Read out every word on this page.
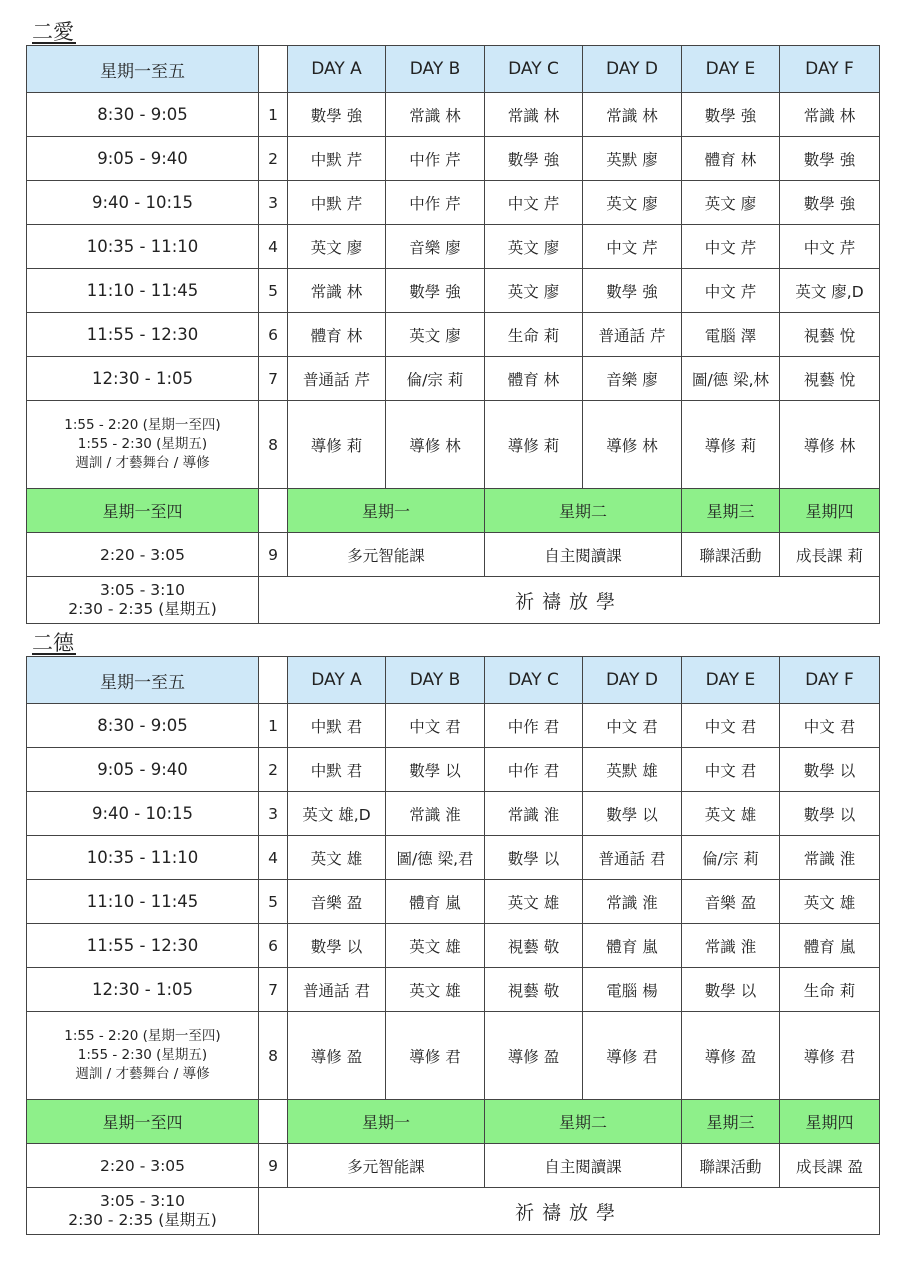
二愛
星期一至五		DAY A	DAY B	DAY C	DAY D	DAY E	DAY F
8:30 - 9:05	1	數學 強	常識 林	常識 林	常識 林	數學 強	常識 林
9:05 - 9:40	2	中默 芹	中作 芹	數學 強	英默 廖	體育 林	數學 強
9:40 - 10:15	3	中默 芹	中作 芹	中文 芹	英文 廖	英文 廖	數學 強
10:35 - 11:10	4	英文 廖	音樂 廖	英文 廖	中文 芹	中文 芹	中文 芹
11:10 - 11:45	5	常識 林	數學 強	英文 廖	數學 強	中文 芹	英文 廖,D
11:55 - 12:30	6	體育 林	英文 廖	生命 莉	普通話 芹	電腦 澤	視藝 悅
12:30 - 1:05	7	普通話 芹	倫/宗 莉	體育 林	音樂 廖	圖/德 梁,林	視藝 悅

1:55 - 2:20 (星期一至四)
1:55 - 2:30 (星期五)
週訓 / 才藝舞台 / 導修	8	導修 莉	導修 林	導修 莉	導修 林	導修 莉	導修 林
星期一至四		星期一		星期二		星期三	星期四
2:20 - 3:05	9	多元智能課		自主閱讀課		聯課活動	成長課 莉

3:05 - 3:10
2:30 - 2:35 (星期五)	祈禱放學						
二德
星期一至五		DAY A	DAY B	DAY C	DAY D	DAY E	DAY F
8:30 - 9:05	1	中默 君	中文 君	中作 君	中文 君	中文 君	中文 君
9:05 - 9:40	2	中默 君	數學 以	中作 君	英默 雄	中文 君	數學 以
9:40 - 10:15	3	英文 雄,D	常識 淮	常識 淮	數學 以	英文 雄	數學 以
10:35 - 11:10	4	英文 雄	圖/德 梁,君	數學 以	普通話 君	倫/宗 莉	常識 淮
11:10 - 11:45	5	音樂 盈	體育 嵐	英文 雄	常識 淮	音樂 盈	英文 雄
11:55 - 12:30	6	數學 以	英文 雄	視藝 敬	體育 嵐	常識 淮	體育 嵐
12:30 - 1:05	7	普通話 君	英文 雄	視藝 敬	電腦 楊	數學 以	生命 莉

1:55 - 2:20 (星期一至四)
1:55 - 2:30 (星期五)
週訓 / 才藝舞台 / 導修	8	導修 盈	導修 君	導修 盈	導修 君	導修 盈	導修 君
星期一至四		星期一		星期二		星期三	星期四
2:20 - 3:05	9	多元智能課		自主閱讀課		聯課活動	成長課 盈

3:05 - 3:10
2:30 - 2:35 (星期五)	祈禱放學						
